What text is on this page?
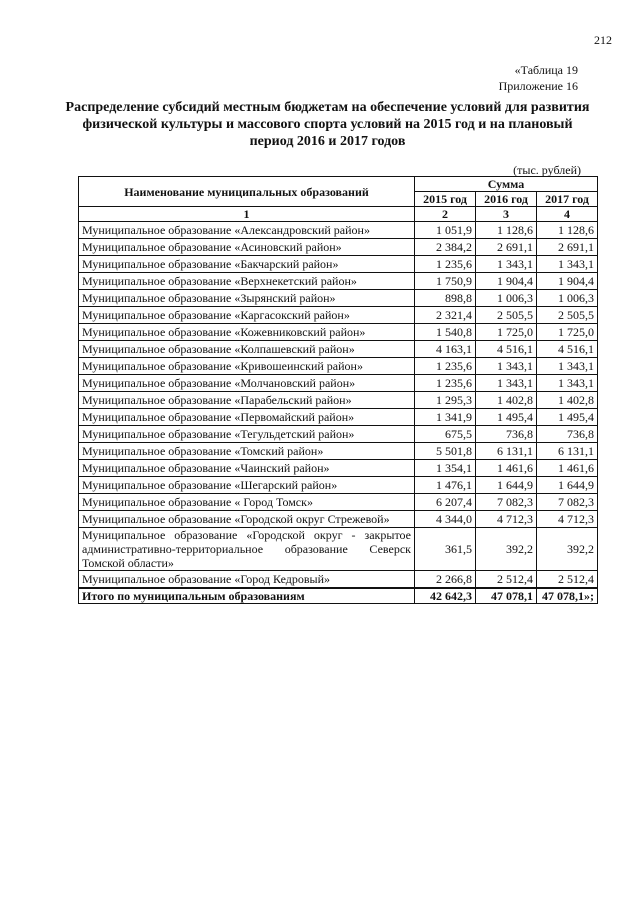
212
«Таблица 19
Приложение 16
Распределение субсидий местным бюджетам на обеспечение условий для развития физической культуры и массового спорта условий на 2015 год и на плановый период 2016 и 2017 годов
(тыс. рублей)
Наименование муниципальных образований	Сумма		
	2015 год	2016 год	2017 год
1	2	3	4
Муниципальное образование «Александровский район»	1 051,9	1 128,6	1 128,6
Муниципальное образование «Асиновский район»	2 384,2	2 691,1	2 691,1
Муниципальное образование «Бакчарский район»	1 235,6	1 343,1	1 343,1
Муниципальное образование «Верхнекетский район»	1 750,9	1 904,4	1 904,4
Муниципальное образование «Зырянский район»	898,8	1 006,3	1 006,3
Муниципальное образование «Каргасокский район»	2 321,4	2 505,5	2 505,5
Муниципальное образование «Кожевниковский район»	1 540,8	1 725,0	1 725,0
Муниципальное образование «Колпашевский район»	4 163,1	4 516,1	4 516,1
Муниципальное образование «Кривошеинский район»	1 235,6	1 343,1	1 343,1
Муниципальное образование «Молчановский район»	1 235,6	1 343,1	1 343,1
Муниципальное образование «Парабельский район»	1 295,3	1 402,8	1 402,8
Муниципальное образование «Первомайский район»	1 341,9	1 495,4	1 495,4
Муниципальное образование «Тегульдетский район»	675,5	736,8	736,8
Муниципальное образование «Томский район»	5 501,8	6 131,1	6 131,1
Муниципальное образование «Чаинский район»	1 354,1	1 461,6	1 461,6
Муниципальное образование «Шегарский район»	1 476,1	1 644,9	1 644,9
Муниципальное образование « Город Томск»	6 207,4	7 082,3	7 082,3
Муниципальное образование «Городской округ Стрежевой»	4 344,0	4 712,3	4 712,3
Муниципальное образование «Городской округ - закрытое административно-территориальное образование Северск Томской области»	361,5	392,2	392,2
Муниципальное образование «Город Кедровый»	2 266,8	2 512,4	2 512,4
Итого по муниципальным образованиям	42 642,3	47 078,1	47 078,1»;
